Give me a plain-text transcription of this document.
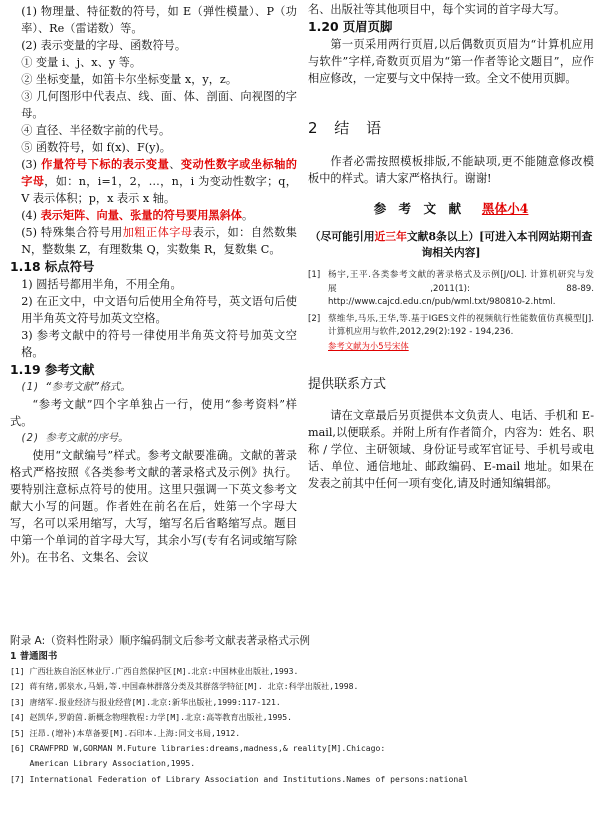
(1) 物理量、特征数的符号，如 E（弹性模量）、P（功率）、Re（雷诺数）等。

(2) 表示变量的字母、函数符号。

① 变量 i、j、x、y 等。

② 坐标变量，如笛卡尔坐标变量 x，y，z。

③ 几何图形中代表点、线、面、体、剖面、向视图的字母。

④ 直径、半径数字前的代号。

⑤ 函数符号，如 f(x)、F(y)。

(3) 作量符号下标的表示变量、变动性数字或坐标轴的字母，如：n，i=1，2，…，n，i 为变动性数字；q，V 表示体积；p，x 表示 x 轴。

(4) 表示矩阵、向量、张量的符号要用黑斜体。

(5) 特殊集合符号用加粗正体字母表示，如：自然数集 N，整数集 Z，有理数集 Q，实数集 R，复数集 C。

1.18 标点符号

1) 圆括号都用半角，不用全角。

2) 在正文中，中文语句后使用全角符号，英文语句后使用半角英文符号加英文空格。

3) 参考文献中的符号一律使用半角英文符号加英文空格。

1.19 参考文献

(1) “参考文献”格式。

“参考文献”四个字单独占一行，使用“参考资料”样式。

(2) 参考文献的序号。

使用“文献编号”样式。参考文献要准确。文献的著录格式严格按照《各类参考文献的著录格式及示例》执行。要特别注意标点符号的使用。这里只强调一下英文参考文献大小写的问题。作者姓在前名在后，姓第一个字母大写，名可以采用缩写，大写，缩写名后省略缩写点。题目中第一个单词的首字母大写，其余小写(专有名词或缩写除外)。在书名、文集名、会议

名、出版社等其他项目中，每个实词的首字母大写。

1.20 页眉页脚

第一页采用两行页眉,以后偶数页页眉为“计算机应用与软件”字样,奇数页页眉为“第一作者等论文题目”，应作相应修改，一定要与文中保持一致。全文不使用页脚。

2 结 语

作者必需按照模板排版,不能缺项,更不能随意修改模板中的样式。请大家严格执行。谢谢!

参 考 文 献 黑体小4

（尽可能引用近三年文献8条以上）[可进入本刊网站期刊查询相关内容]

[1] 杨宇,王平.各类参考文献的著录格式及示例[J/OL]. 计算机研究与发展,2011(1): 88-89. http://www.cajcd.edu.cn/pub/wml.txt/980810-2.html.
[2] 蔡维华,马乐,王华,等.基于IGES文件的视频航行性能数值仿真模型[J].计算机应用与软件,2012,29(2):192 - 194,236.

参考文献为小5号宋体

提供联系方式

请在文章最后另页提供本文负责人、电话、手机和 E-mail,以便联系。并附上所有作者简介，内容为：姓名、职称 / 学位、主研领域、身份证号或军官证号、手机号或电话、单位、通信地址、邮政编码、E-mail 地址。如果在发表之前其中任何一项有变化,请及时通知编辑部。

附录 A:（资料性附录）顺序编码制文后参考文献表著录格式示例

1 普通图书

[1] 广西壮族自治区林业厅.广西自然保护区[M].北京:中国林业出版社,1993.

[2] 蒋有绪,郭泉水,马娟,等.中国森林群落分类及其群落学特征[M]. 北京:科学出版社,1998.

[3] 唐绪军.报业经济与报业经营[M].北京:新华出版社,1999:117-121.

[4] 赵凯华,罗蔚茵.新概念物理教程:力学[M].北京:高等教育出版社,1995.

[5] 汪昂.(增补)本草备要[M].石印本.上海:同文书局,1912.

[6] CRAWFPRD W,GORMAN M.Future libraries:dreams,madness,& reality[M].Chicago:

American Library Association,1995.

[7] International Federation of Library Association and Institutions.Names of persons:national
